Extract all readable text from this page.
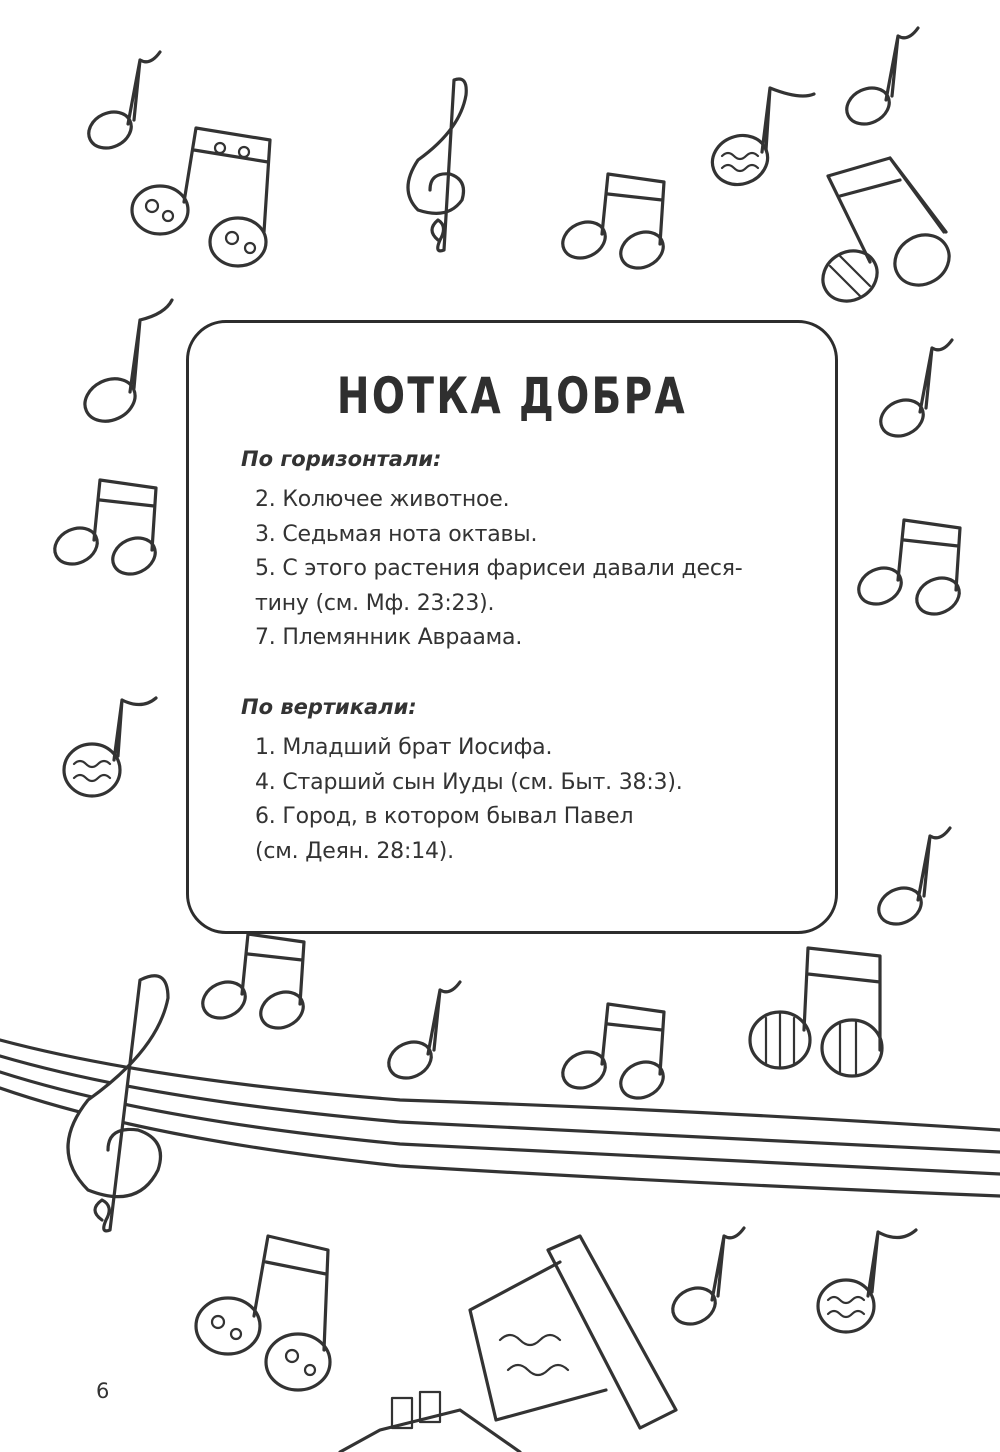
НОТКА ДОБРА
По горизонтали:
2. Колючее животное.
3. Седьмая нота октавы.
5. С этого растения фарисеи давали деся-
тину (см. Мф. 23:23).
7. Племянник Авраама.
По вертикали:
1. Младший брат Иосифа.
4. Старший сын Иуды (см. Быт. 38:3).
6. Город, в котором бывал Павел
(см. Деян. 28:14).
6
